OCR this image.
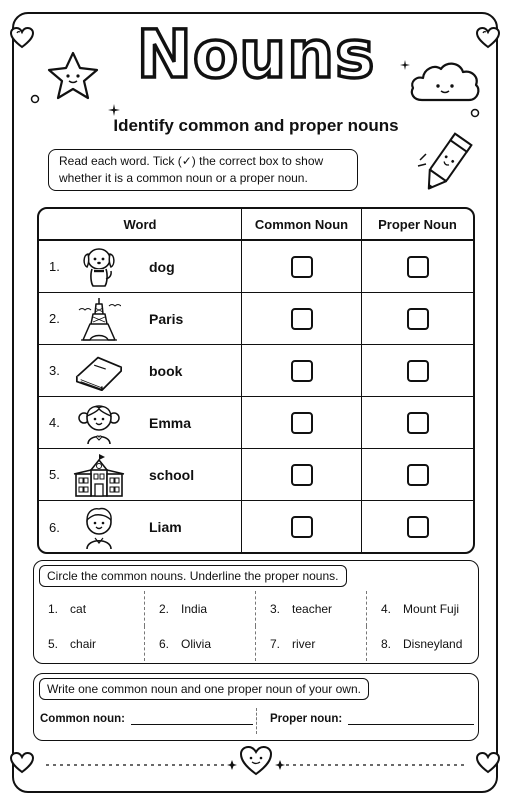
Nouns
Identify common and proper nouns
Read each word. Tick (✓) the correct box to show whether it is a common noun or a proper noun.
Word	Common Noun	Proper Noun
1.	dog
2.	Paris
3.	book
4.	Emma
5.	school
6.	Liam
Circle the common nouns. Underline the proper nouns.
1. cat	2. India	3. teacher	4. Mount Fuji
5. chair	6. Olivia	7. river	8. Disneyland
Write one common noun and one proper noun of your own.
Common noun:	Proper noun:
